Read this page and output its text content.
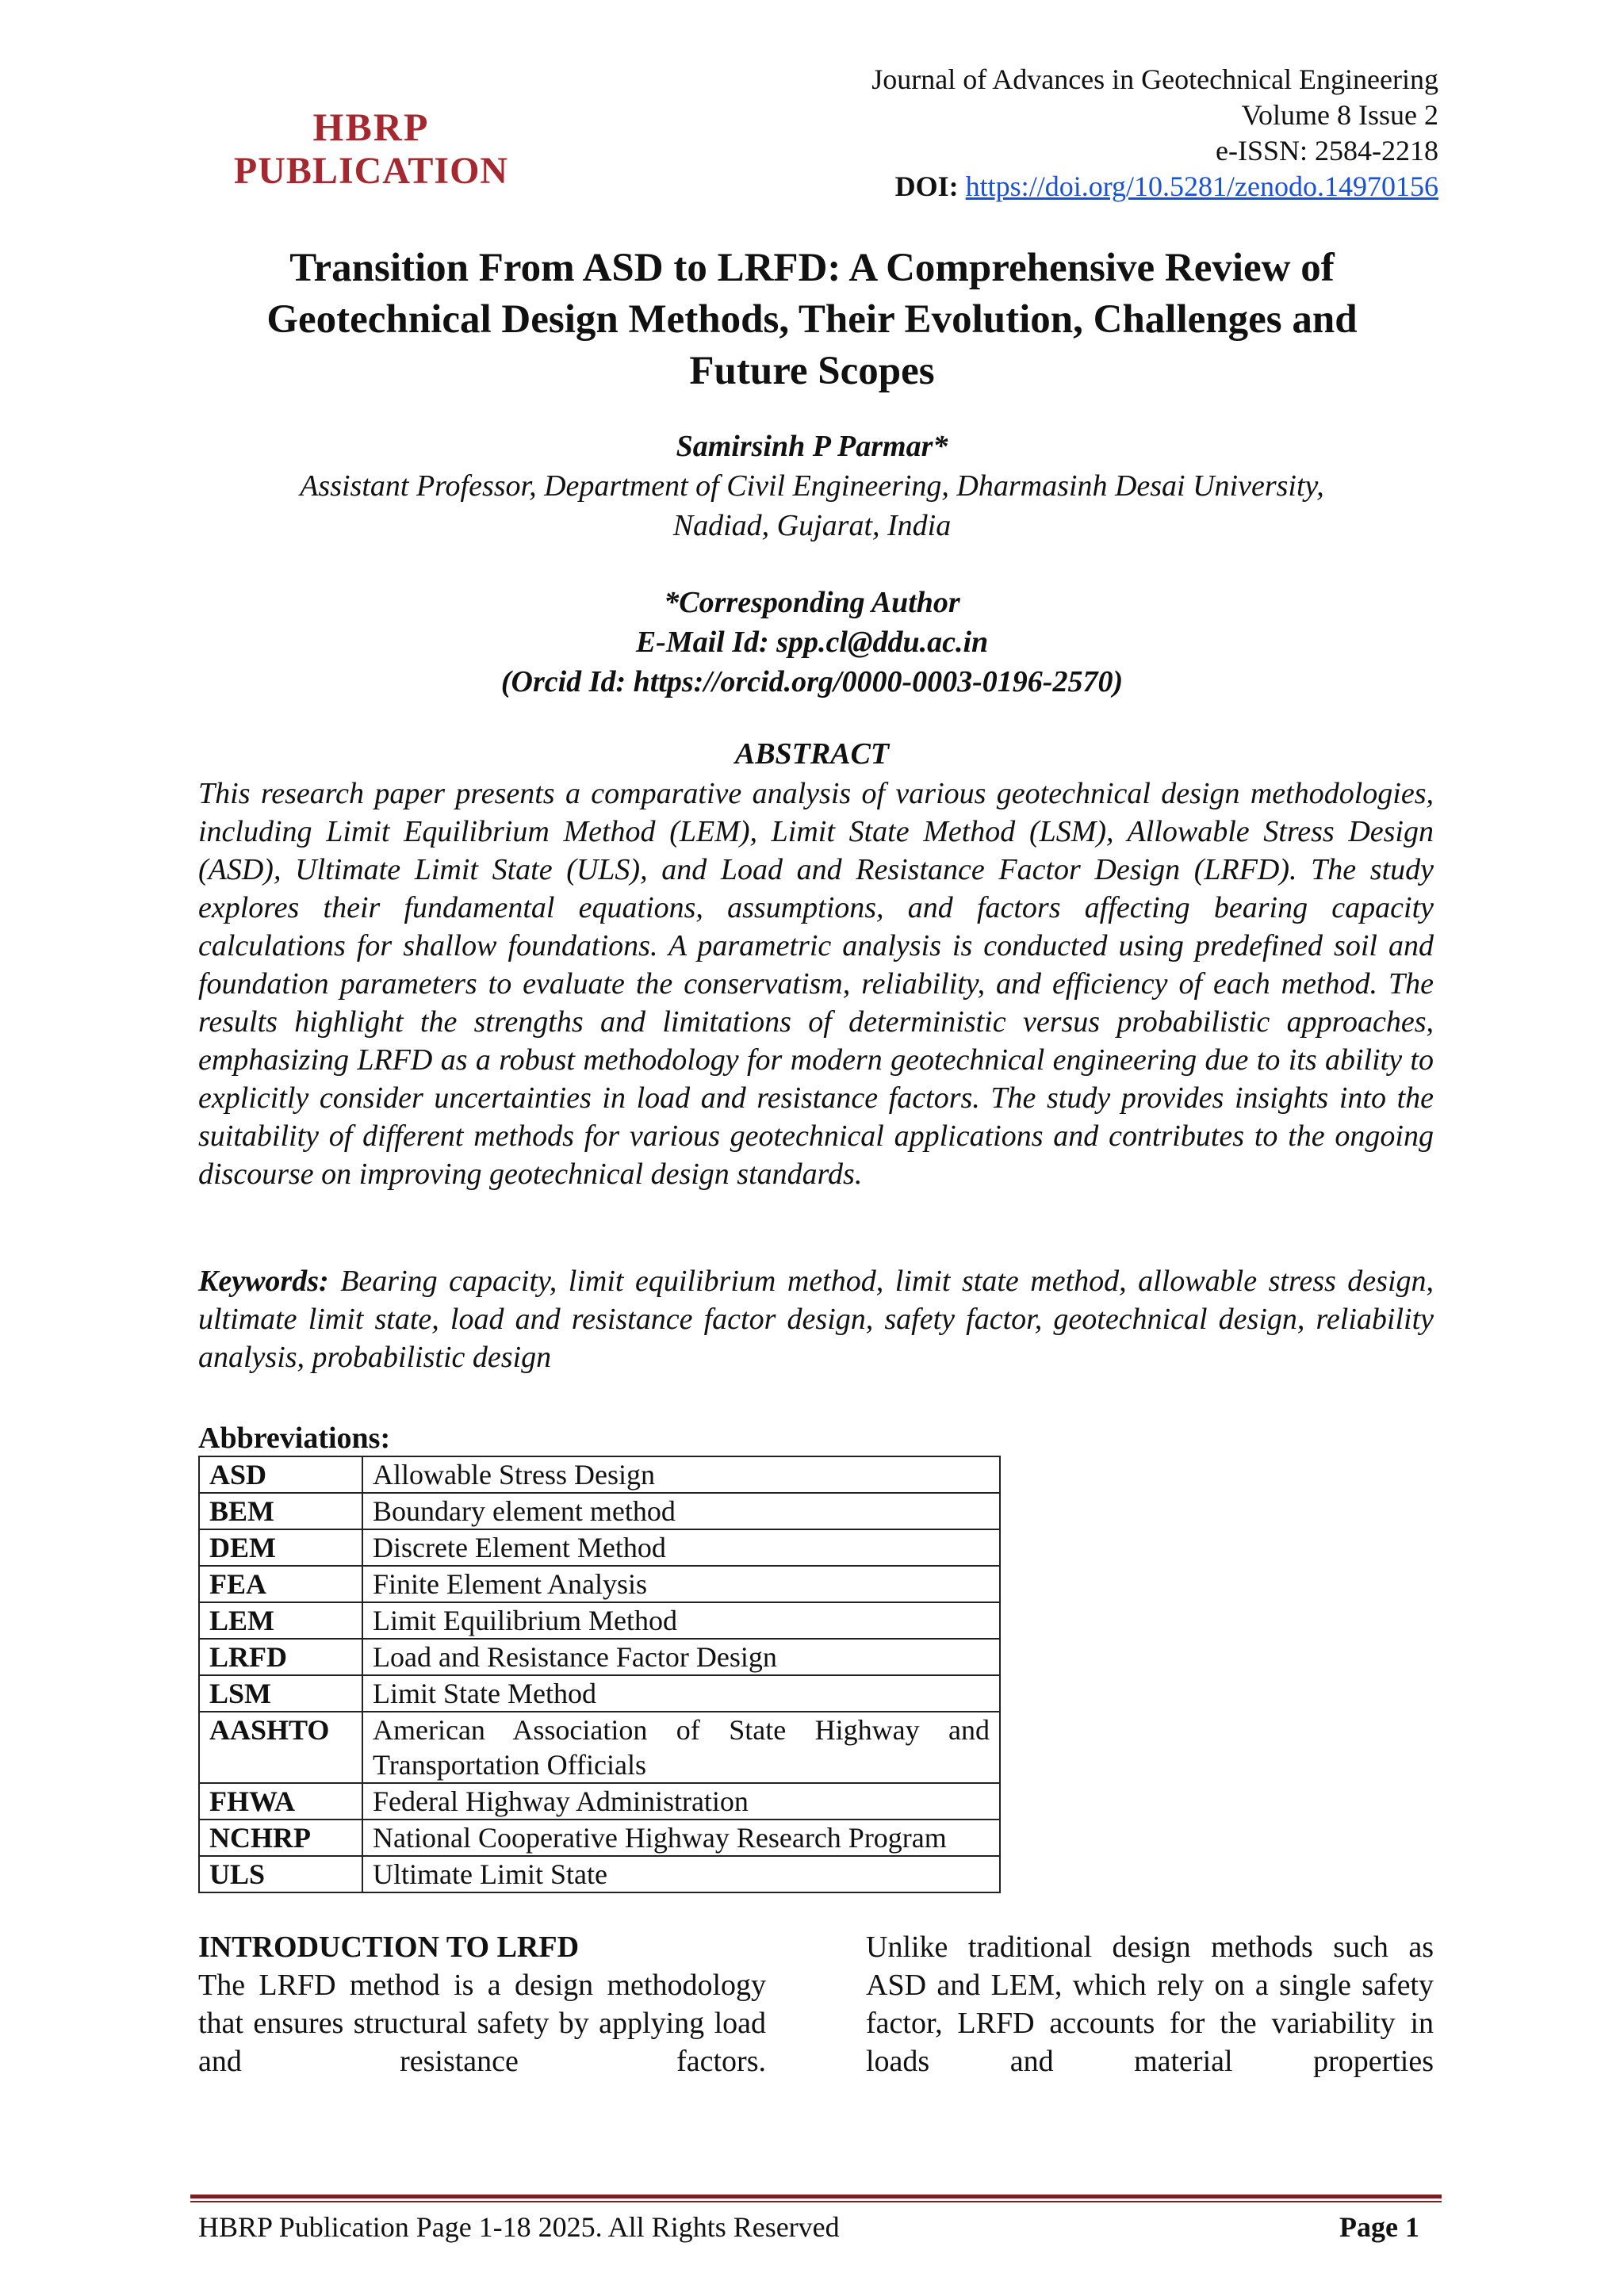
HBRP
PUBLICATION
Journal of Advances in Geotechnical Engineering
Volume 8 Issue 2
e-ISSN: 2584-2218
DOI: https://doi.org/10.5281/zenodo.14970156
Transition From ASD to LRFD: A Comprehensive Review of
Geotechnical Design Methods, Their Evolution, Challenges and
Future Scopes
Samirsinh P Parmar*
Assistant Professor, Department of Civil Engineering, Dharmasinh Desai University,
Nadiad, Gujarat, India
*Corresponding Author
E-Mail Id: spp.cl@ddu.ac.in
(Orcid Id: https://orcid.org/0000-0003-0196-2570)
ABSTRACT
This research paper presents a comparative analysis of various geotechnical design methodologies, including Limit Equilibrium Method (LEM), Limit State Method (LSM), Allowable Stress Design (ASD), Ultimate Limit State (ULS), and Load and Resistance Factor Design (LRFD). The study explores their fundamental equations, assumptions, and factors affecting bearing capacity calculations for shallow foundations. A parametric analysis is conducted using predefined soil and foundation parameters to evaluate the conservatism, reliability, and efficiency of each method. The results highlight the strengths and limitations of deterministic versus probabilistic approaches, emphasizing LRFD as a robust methodology for modern geotechnical engineering due to its ability to explicitly consider uncertainties in load and resistance factors. The study provides insights into the suitability of different methods for various geotechnical applications and contributes to the ongoing discourse on improving geotechnical design standards.
Keywords: Bearing capacity, limit equilibrium method, limit state method, allowable stress design, ultimate limit state, load and resistance factor design, safety factor, geotechnical design, reliability analysis, probabilistic design
Abbreviations:
ASD	Allowable Stress Design
BEM	Boundary element method
DEM	Discrete Element Method
FEA	Finite Element Analysis
LEM	Limit Equilibrium Method
LRFD	Load and Resistance Factor Design
LSM	Limit State Method
AASHTO	American Association of State Highway and Transportation Officials
FHWA	Federal Highway Administration
NCHRP	National Cooperative Highway Research Program
ULS	Ultimate Limit State
INTRODUCTION TO LRFD
The LRFD method is a design methodology that ensures structural safety by applying load and resistance factors.
Unlike traditional design methods such as ASD and LEM, which rely on a single safety factor, LRFD accounts for the variability in loads and material properties
HBRP Publication Page 1-18 2025. All Rights Reserved	Page 1
